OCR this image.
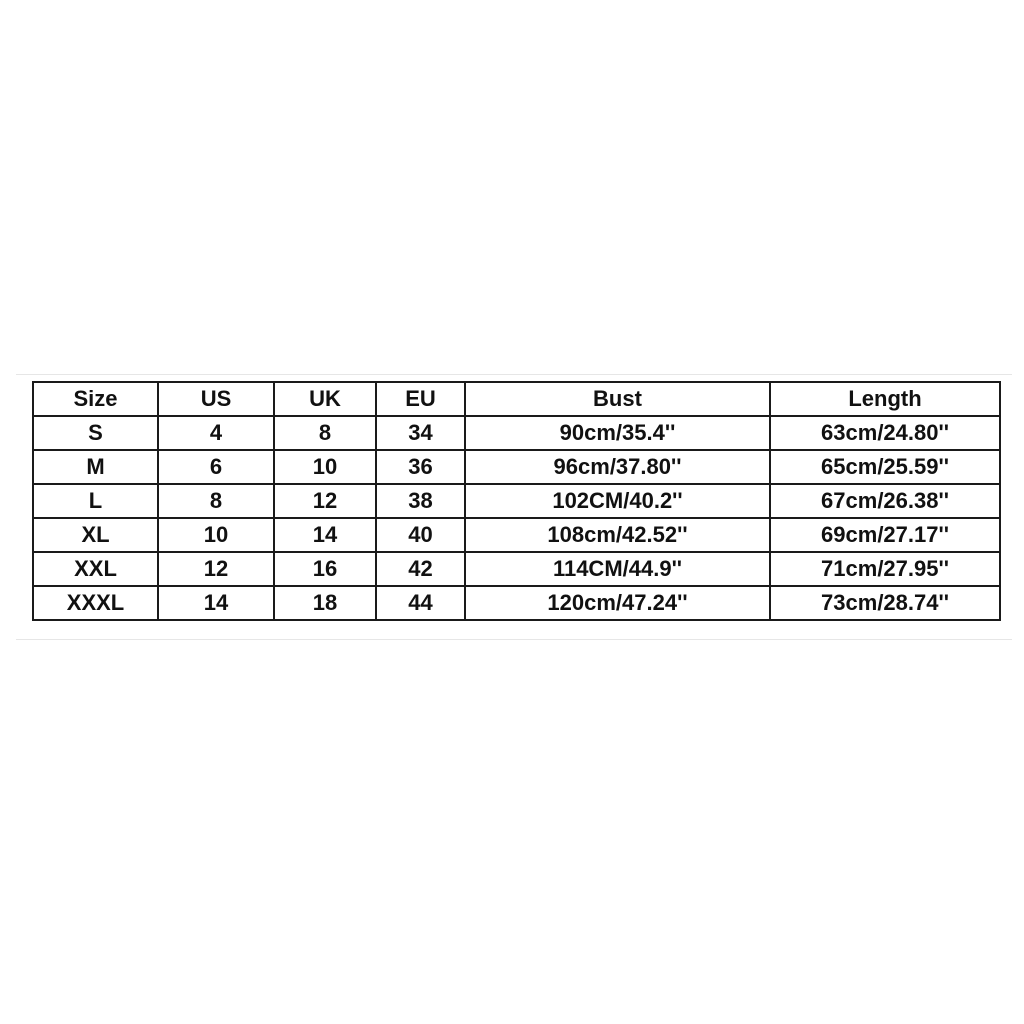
Size	US	UK	EU	Bust	Length
S	4	8	34	90cm/35.4''	63cm/24.80''
M	6	10	36	96cm/37.80''	65cm/25.59''
L	8	12	38	102CM/40.2''	67cm/26.38''
XL	10	14	40	108cm/42.52''	69cm/27.17''
XXL	12	16	42	114CM/44.9''	71cm/27.95''
XXXL	14	18	44	120cm/47.24''	73cm/28.74''
